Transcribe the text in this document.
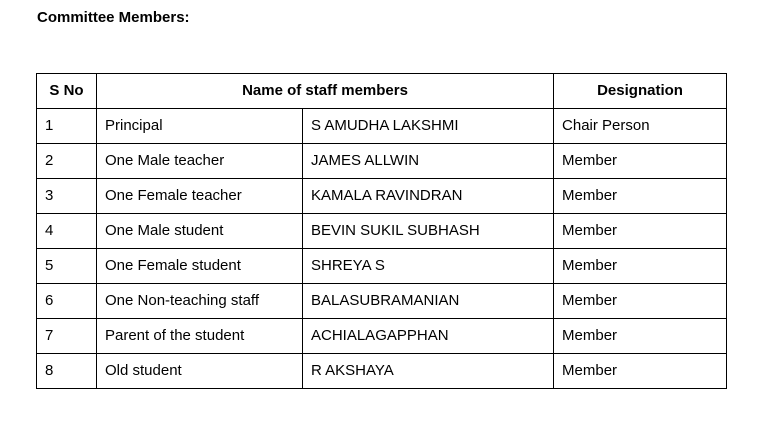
Committee Members:
S No	Name of staff members		Designation
1	Principal	S AMUDHA LAKSHMI	Chair Person
2	One Male teacher	JAMES ALLWIN	Member
3	One Female teacher	KAMALA RAVINDRAN	Member
4	One Male student	BEVIN SUKIL SUBHASH	Member
5	One Female student	SHREYA S	Member
6	One Non-teaching staff	BALASUBRAMANIAN	Member
7	Parent of the student	ACHIALAGAPPHAN	Member
8	Old student	R AKSHAYA	Member
